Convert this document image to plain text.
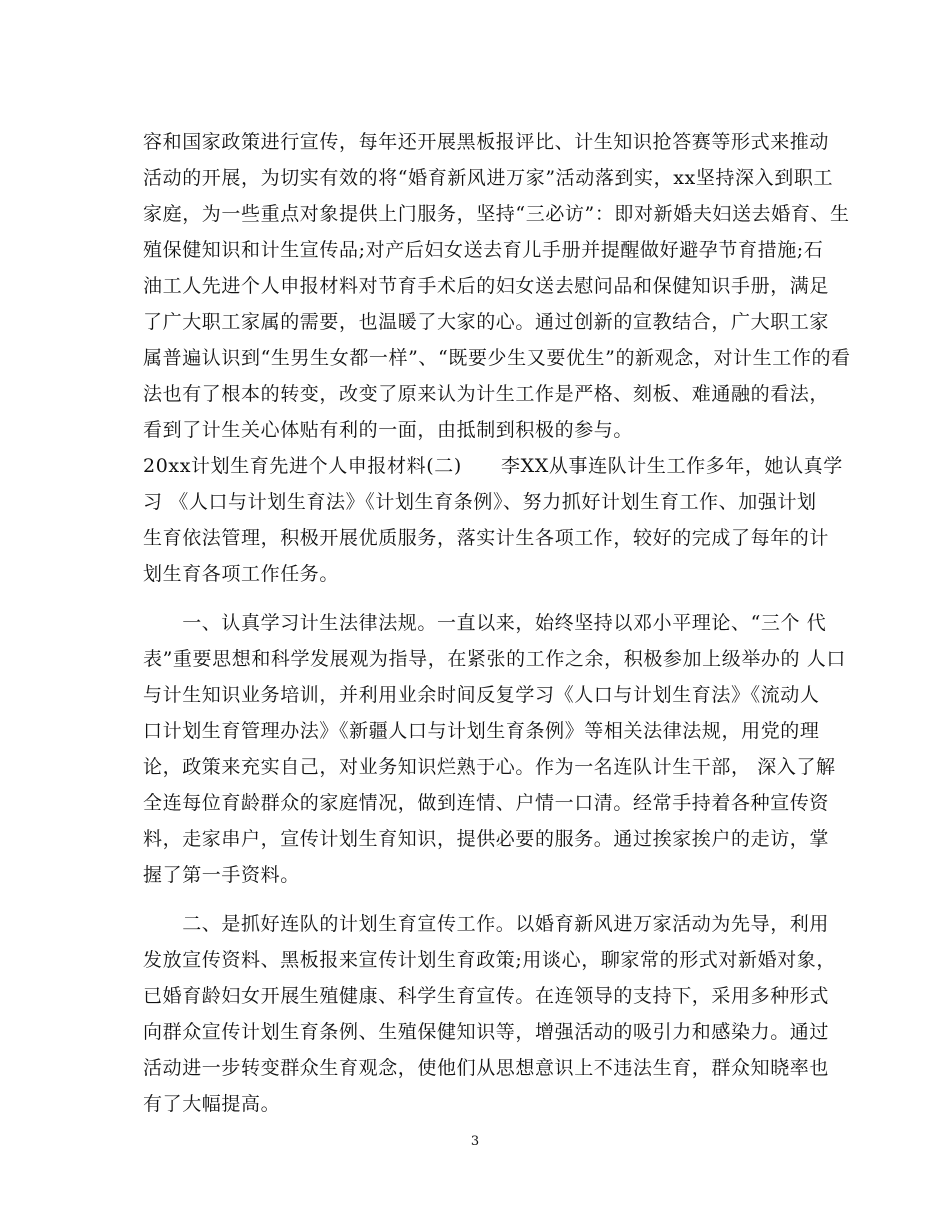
容和国家政策进行宣传，每年还开展黑板报评比、计生知识抢答赛等形式来推动
活动的开展，为切实有效的将“婚育新风进万家”活动落到实，xx坚持深入到职工
家庭，为一些重点对象提供上门服务，坚持“三必访”：即对新婚夫妇送去婚育、生
殖保健知识和计生宣传品;对产后妇女送去育儿手册并提醒做好避孕节育措施;石
油工人先进个人申报材料对节育手术后的妇女送去慰问品和保健知识手册，满足
了广大职工家属的需要，也温暖了大家的心。通过创新的宣教结合，广大职工家
属普遍认识到“生男生女都一样”、“既要少生又要优生”的新观念，对计生工作的看
法也有了根本的转变，改变了原来认为计生工作是严格、刻板、难通融的看法，
看到了计生关心体贴有利的一面，由抵制到积极的参与。
20xx计划生育先进个人申报材料(二)　　李XX从事连队计生工作多年，她认真学
习 《人口与计划生育法》《计划生育条例》、努力抓好计划生育工作、加强计划
生育依法管理，积极开展优质服务，落实计生各项工作，较好的完成了每年的计
划生育各项工作任务。
　　一、认真学习计生法律法规。一直以来，始终坚持以邓小平理论、“三个 代
表”重要思想和科学发展观为指导，在紧张的工作之余，积极参加上级举办的 人口
与计生知识业务培训，并利用业余时间反复学习《人口与计划生育法》《流动人
口计划生育管理办法》《新疆人口与计划生育条例》等相关法律法规，用党的理
论，政策来充实自己，对业务知识烂熟于心。作为一名连队计生干部， 深入了解
全连每位育龄群众的家庭情况，做到连情、户情一口清。经常手持着各种宣传资
料，走家串户，宣传计划生育知识，提供必要的服务。通过挨家挨户的走访，掌
握了第一手资料。
　　二、是抓好连队的计划生育宣传工作。以婚育新风进万家活动为先导，利用
发放宣传资料、黑板报来宣传计划生育政策;用谈心，聊家常的形式对新婚对象，
已婚育龄妇女开展生殖健康、科学生育宣传。在连领导的支持下，采用多种形式
向群众宣传计划生育条例、生殖保健知识等，增强活动的吸引力和感染力。通过
活动进一步转变群众生育观念，使他们从思想意识上不违法生育，群众知晓率也
有了大幅提高。
3
